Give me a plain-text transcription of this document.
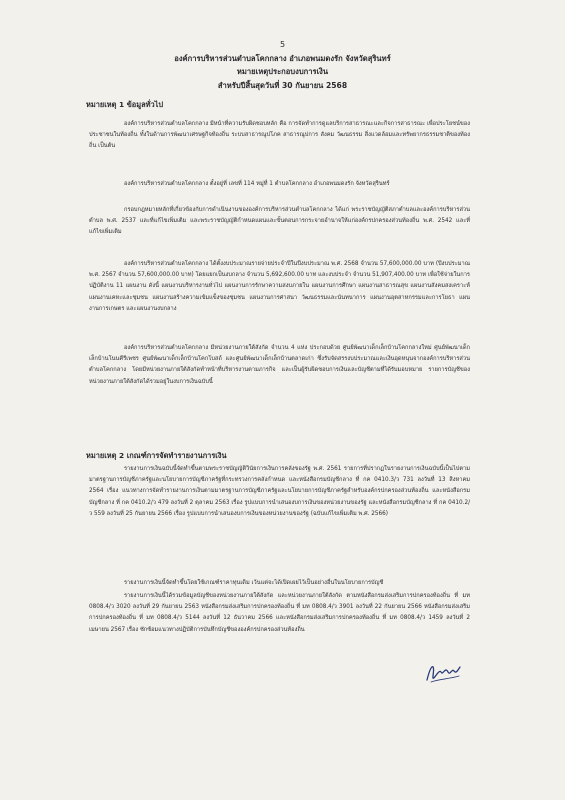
5
องค์การบริหารส่วนตำบลโคกกลาง อำเภอพนมดงรัก จังหวัดสุรินทร์
หมายเหตุประกอบงบการเงิน
สำหรับปีสิ้นสุดวันที่ 30 กันยายน 2568
หมายเหตุ 1 ข้อมูลทั่วไป
องค์การบริหารส่วนตำบลโคกกลาง มีหน้าที่ความรับผิดชอบหลัก คือ การจัดทำการดูแลบริการสาธารณะและกิจการสาธารณะ เพื่อประโยชน์ของประชาชนในท้องถิ่น ทั้งในด้านการพัฒนาเศรษฐกิจท้องถิ่น ระบบสาธารณูปโภค สาธารณูปการ สังคม วัฒนธรรม สิ่งแวดล้อมและทรัพยากรธรรมชาติของท้องถิ่น เป็นต้น
องค์การบริหารส่วนตำบลโคกกลาง ตั้งอยู่ที่ เลขที่ 114 หมู่ที่ 1 ตำบลโคกกลาง อำเภอพนมดงรัก จังหวัดสุรินทร์
กรอบกฎหมายหลักที่เกี่ยวข้องกับการดำเนินงานขององค์การบริหารส่วนตำบลโคกกลาง ได้แก่ พระราชบัญญัติสภาตำบลและองค์การบริหารส่วนตำบล พ.ศ. 2537 และที่แก้ไขเพิ่มเติม และพระราชบัญญัติกำหนดแผนและขั้นตอนการกระจายอำนาจให้แก่องค์กรปกครองส่วนท้องถิ่น พ.ศ. 2542 และที่แก้ไขเพิ่มเติม
องค์การบริหารส่วนตำบลโคกกลาง ได้ตั้งงบประมาณรายจ่ายประจำปีในปีงบประมาณ พ.ศ. 2568 จำนวน 57,600,000.00 บาท (ปีงบประมาณ พ.ศ. 2567 จำนวน 57,600,000.00 บาท) โดยแยกเป็นงบกลาง จำนวน 5,692,600.00 บาท และงบประจำ จำนวน 51,907,400.00 บาท เพื่อใช้จ่ายในการปฏิบัติงาน 11 แผนงาน ดังนี้ แผนงานบริหารงานทั่วไป แผนงานการรักษาความสงบภายใน แผนงานการศึกษา แผนงานสาธารณสุข แผนงานสังคมสงเคราะห์ แผนงานเคหะและชุมชน แผนงานสร้างความเข้มแข็งของชุมชน แผนงานการศาสนา วัฒนธรรมและนันทนาการ แผนงานอุตสาหกรรมและการโยธา แผนงานการเกษตร และแผนงานงบกลาง
องค์การบริหารส่วนตำบลโคกกลาง มีหน่วยงานภายใต้สังกัด จำนวน 4 แห่ง ประกอบด้วย ศูนย์พัฒนาเด็กเล็กบ้านโคกกลางใหม่ ศูนย์พัฒนาเด็กเล็กบ้านโนนคีรีเพชร ศูนย์พัฒนาเด็กเล็กบ้านโคกโบสถ์ และศูนย์พัฒนาเด็กเล็กบ้านตลาดเก่า ซึ่งรับจัดสรรงบประมาณและเงินอุดหนุนจากองค์การบริหารส่วนตำบลโคกกลาง โดยมีหน่วยงานภายใต้สังกัดทำหน้าที่บริหารงานตามภารกิจ และเป็นผู้รับผิดชอบการเงินและบัญชีตามที่ได้รับมอบหมาย รายการบัญชีของหน่วยงานภายใต้สังกัดได้รวมอยู่ในงบการเงินฉบับนี้
หมายเหตุ 2 เกณฑ์การจัดทำรายงานการเงิน
รายงานการเงินฉบับนี้จัดทำขึ้นตามพระราชบัญญัติวินัยการเงินการคลังของรัฐ พ.ศ. 2561 รายการที่ปรากฏในรายงานการเงินฉบับนี้เป็นไปตามมาตรฐานการบัญชีภาครัฐและนโยบายการบัญชีภาครัฐที่กระทรวงการคลังกำหนด และหนังสือกรมบัญชีกลาง ที่ กค 0410.3/ว 731 ลงวันที่ 13 สิงหาคม 2564 เรื่อง แนวทางการจัดทำรายงานการเงินตามมาตรฐานการบัญชีภาครัฐและนโยบายการบัญชีภาครัฐสำหรับองค์กรปกครองส่วนท้องถิ่น และหนังสือกรมบัญชีกลาง ที่ กค 0410.2/ว 479 ลงวันที่ 2 ตุลาคม 2563 เรื่อง รูปแบบการนำเสนองบการเงินของหน่วยงานของรัฐ และหนังสือกรมบัญชีกลาง ที่ กค 0410.2/ว 559 ลงวันที่ 25 กันยายน 2566 เรื่อง รูปแบบการนำเสนองบการเงินของหน่วยงานของรัฐ (ฉบับแก้ไขเพิ่มเติม พ.ศ. 2566)
รายงานการเงินนี้จัดทำขึ้นโดยใช้เกณฑ์ราคาทุนเดิม เว้นแต่จะได้เปิดเผยไว้เป็นอย่างอื่นในนโยบายการบัญชี
รายงานการเงินนี้ได้รวมข้อมูลบัญชีของหน่วยงานภายใต้สังกัด และหน่วยงานภายใต้สังกัด ตามหนังสือกรมส่งเสริมการปกครองท้องถิ่น ที่ มท 0808.4/ว 3020 ลงวันที่ 29 กันยายน 2563 หนังสือกรมส่งเสริมการปกครองท้องถิ่น ที่ มท 0808.4/ว 3901 ลงวันที่ 22 กันยายน 2566 หนังสือกรมส่งเสริมการปกครองท้องถิ่น ที่ มท 0808.4/ว 5144 ลงวันที่ 12 ธันวาคม 2566 และหนังสือกรมส่งเสริมการปกครองท้องถิ่น ที่ มท 0808.4/ว 1459 ลงวันที่ 2 เมษายน 2567 เรื่อง ซักซ้อมแนวทางปฏิบัติการบันทึกบัญชีขององค์กรปกครองส่วนท้องถิ่น
